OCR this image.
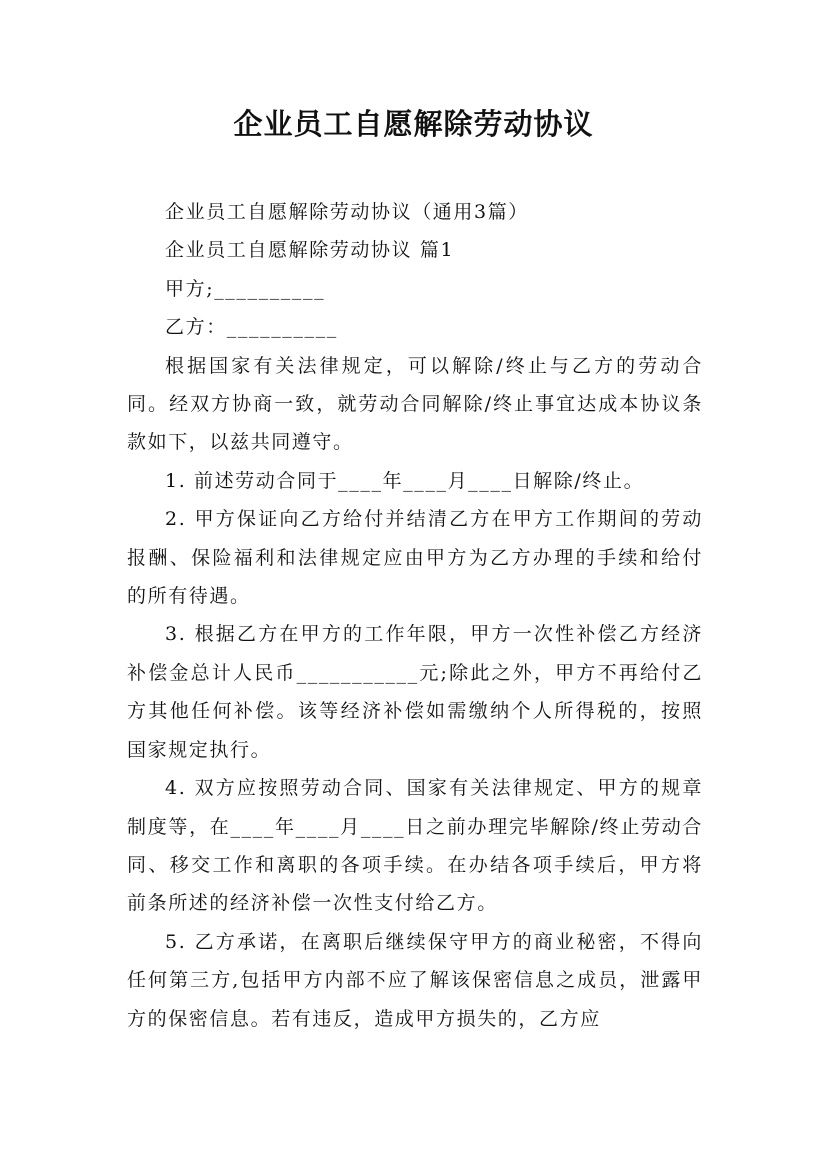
企业员工自愿解除劳动协议

企业员工自愿解除劳动协议（通用3篇）

企业员工自愿解除劳动协议 篇1

甲方;__________

乙方：__________

根据国家有关法律规定，可以解除/终止与乙方的劳动合同。经双方协商一致，就劳动合同解除/终止事宜达成本协议条款如下，以兹共同遵守。

1. 前述劳动合同于____年____月____日解除/终止。

2. 甲方保证向乙方给付并结清乙方在甲方工作期间的劳动报酬、保险福利和法律规定应由甲方为乙方办理的手续和给付的所有待遇。

3. 根据乙方在甲方的工作年限，甲方一次性补偿乙方经济补偿金总计人民币___________元;除此之外，甲方不再给付乙方其他任何补偿。该等经济补偿如需缴纳个人所得税的，按照国家规定执行。

4. 双方应按照劳动合同、国家有关法律规定、甲方的规章制度等，在____年____月____日之前办理完毕解除/终止劳动合同、移交工作和离职的各项手续。在办结各项手续后，甲方将前条所述的经济补偿一次性支付给乙方。

5. 乙方承诺，在离职后继续保守甲方的商业秘密，不得向任何第三方,包括甲方内部不应了解该保密信息之成员，泄露甲方的保密信息。若有违反，造成甲方损失的，乙方应
